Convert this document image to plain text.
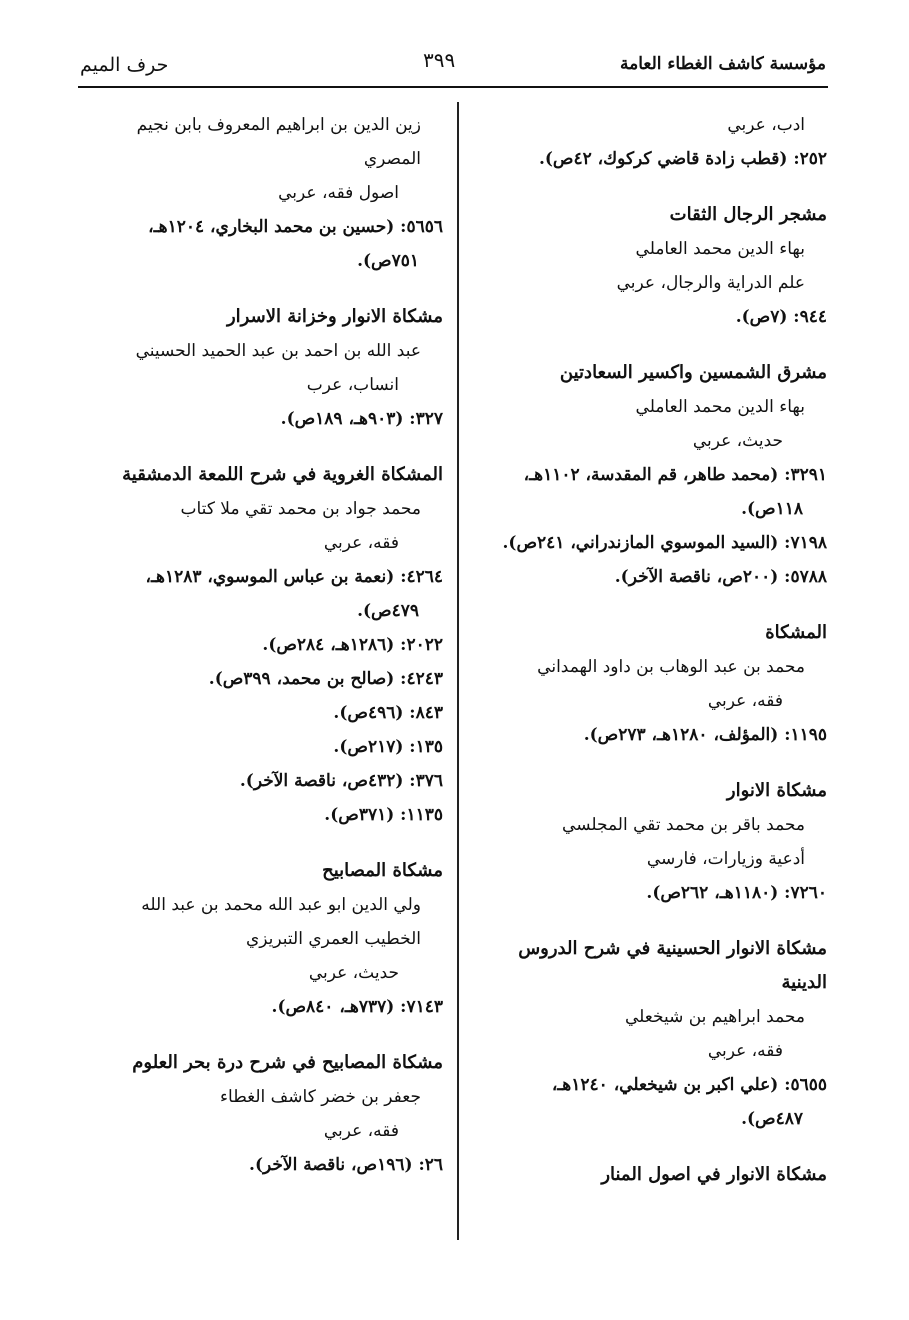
حرف الميم	٣٩٩	مؤسسة كاشف الغطاء العامة
ادب، عربي
٢٥٢: (قطب زادة قاضي كركوك، ٤٢ص).
مشجر الرجال الثقات
بهاء الدين محمد العاملي
علم الدراية والرجال، عربي
٩٤٤: (٧ص).
مشرق الشمسين واكسير السعادتين
بهاء الدين محمد العاملي
حديث، عربي
٣٢٩١: (محمد طاهر، قم المقدسة، ١١٠٢هـ،
١١٨ص).
٧١٩٨: (السيد الموسوي المازندراني، ٢٤١ص).
٥٧٨٨: (٢٠٠ص، ناقصة الآخر).
المشكاة
محمد بن عبد الوهاب بن داود الهمداني
فقه، عربي
١١٩٥: (المؤلف، ١٢٨٠هـ، ٢٧٣ص).
مشكاة الانوار
محمد باقر بن محمد تقي المجلسي
أدعية وزيارات، فارسي
٧٢٦٠: (١١٨٠هـ، ٢٦٢ص).
مشكاة الانوار الحسينية في شرح الدروس الدينية
محمد ابراهيم بن شيخعلي
فقه، عربي
٥٦٥٥: (علي اكبر بن شيخعلي، ١٢٤٠هـ،
٤٨٧ص).
مشكاة الانوار في اصول المنار
زين الدين بن ابراهيم المعروف بابن نجيم
المصري
اصول فقه، عربي
٥٦٥٦: (حسين بن محمد البخاري، ١٢٠٤هـ،
٧٥١ص).
مشكاة الانوار وخزانة الاسرار
عبد الله بن احمد بن عبد الحميد الحسيني
انساب، عرب
٣٢٧: (٩٠٣هـ، ١٨٩ص).
المشكاة الغروية في شرح اللمعة الدمشقية
محمد جواد بن محمد تقي ملا كتاب
فقه، عربي
٤٢٦٤: (نعمة بن عباس الموسوي، ١٢٨٣هـ،
٤٧٩ص).
٢٠٢٢: (١٢٨٦هـ، ٢٨٤ص).
٤٢٤٣: (صالح بن محمد، ٣٩٩ص).
٨٤٣: (٤٩٦ص).
١٣٥: (٢١٧ص).
٣٧٦: (٤٣٢ص، ناقصة الآخر).
١١٣٥: (٣٧١ص).
مشكاة المصابيح
ولي الدين ابو عبد الله محمد بن عبد الله
الخطيب العمري التبريزي
حديث، عربي
٧١٤٣: (٧٣٧هـ، ٨٤٠ص).
مشكاة المصابيح في شرح درة بحر العلوم
جعفر بن خضر كاشف الغطاء
فقه، عربي
٢٦: (١٩٦ص، ناقصة الآخر).
